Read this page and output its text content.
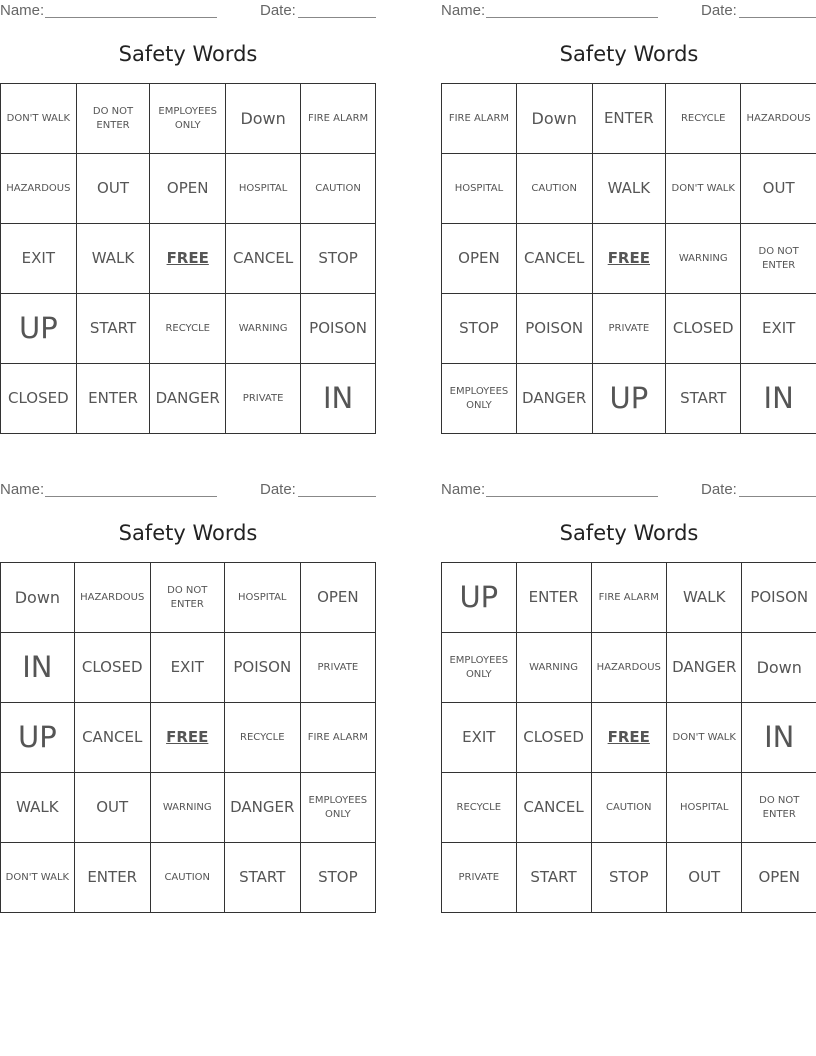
Name:	Date:
Safety Words
DON'T WALK	DO NOT ENTER	EMPLOYEES ONLY	Down	FIRE ALARM
HAZARDOUS	OUT	OPEN	HOSPITAL	CAUTION
EXIT	WALK	FREE	CANCEL	STOP
UP	START	RECYCLE	WARNING	POISON
CLOSED	ENTER	DANGER	PRIVATE	IN
Name:	Date:
Safety Words
FIRE ALARM	Down	ENTER	RECYCLE	HAZARDOUS
HOSPITAL	CAUTION	WALK	DON'T WALK	OUT
OPEN	CANCEL	FREE	WARNING	DO NOT ENTER
STOP	POISON	PRIVATE	CLOSED	EXIT
EMPLOYEES ONLY	DANGER	UP	START	IN
Name:	Date:
Safety Words
Down	HAZARDOUS	DO NOT ENTER	HOSPITAL	OPEN
IN	CLOSED	EXIT	POISON	PRIVATE
UP	CANCEL	FREE	RECYCLE	FIRE ALARM
WALK	OUT	WARNING	DANGER	EMPLOYEES ONLY
DON'T WALK	ENTER	CAUTION	START	STOP
Name:	Date:
Safety Words
UP	ENTER	FIRE ALARM	WALK	POISON
EMPLOYEES ONLY	WARNING	HAZARDOUS	DANGER	Down
EXIT	CLOSED	FREE	DON'T WALK	IN
RECYCLE	CANCEL	CAUTION	HOSPITAL	DO NOT ENTER
PRIVATE	START	STOP	OUT	OPEN
